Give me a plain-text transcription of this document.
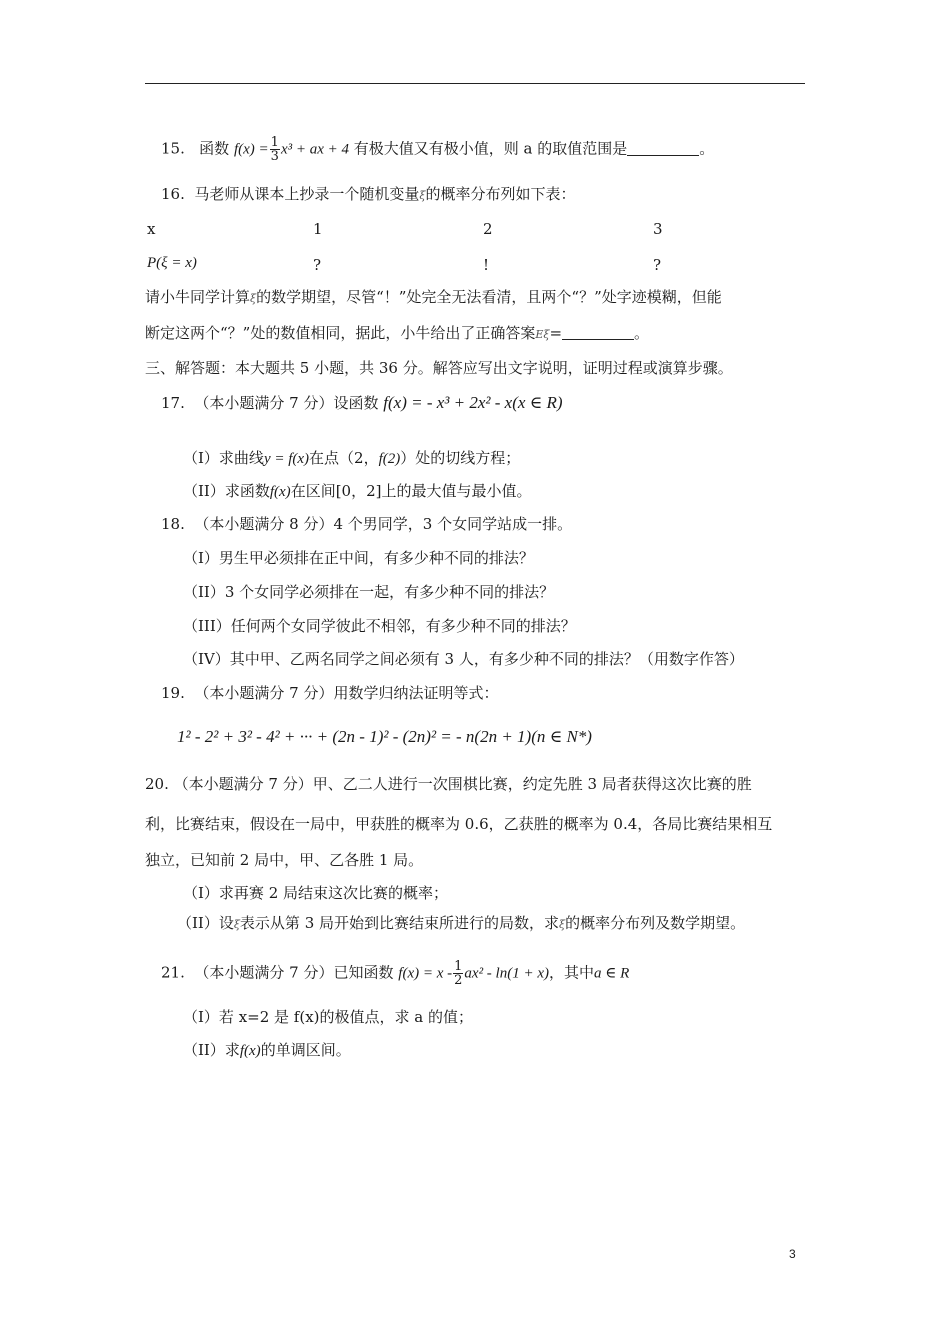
15. 函数 $f(x) = \frac{1}{3} x^3$ + ax + 4 有极大值又有极小值，则 a 的取值范围是	。
16. 马老师从课本上抄录一个随机变量ξ的概率分布列如下表：
x	1	2	3
P(ξ = x)	?	!	?
请小牛同学计算ξ的数学期望，尽管“！”处完全无法看清，且两个“？”处字迹模糊，但能
断定这两个“？”处的数值相同，据此，小牛给出了正确答案Eξ=	。
三、解答题：本大题共 5 小题，共 36 分。解答应写出文字说明，证明过程或演算步骤。
17. （本小题满分 7 分）设函数 f(x) = - x³ + 2x² - x(x ∈ R)
（I）求曲线y = f(x)在点（2，f(2)）处的切线方程；
（II）求函数f(x)在区间[0，2]上的最大值与最小值。
18. （本小题满分 8 分）4 个男同学，3 个女同学站成一排。
（I）男生甲必须排在正中间，有多少种不同的排法？
（II）3 个女同学必须排在一起，有多少种不同的排法？
（III）任何两个女同学彼此不相邻，有多少种不同的排法？
（IV）其中甲、乙两名同学之间必须有 3 人，有多少种不同的排法？（用数字作答）
19. （本小题满分 7 分）用数学归纳法证明等式：
1² - 2² + 3² - 4² + ··· + (2n - 1)² - (2n)² = - n(2n + 1)(n ∈ N*)
20. （本小题满分 7 分）甲、乙二人进行一次围棋比赛，约定先胜 3 局者获得这次比赛的胜
利，比赛结束，假设在一局中，甲获胜的概率为 0.6，乙获胜的概率为 0.4，各局比赛结果相互
独立，已知前 2 局中，甲、乙各胜 1 局。
（I）求再赛 2 局结束这次比赛的概率；
（II）设ξ表示从第 3 局开始到比赛结束所进行的局数，求ξ的概率分布列及数学期望。
21. （本小题满分 7 分）已知函数 $f(x) = x - \frac{1}{2} ax^2 - \ln(1 + x)$，其中a ∈ R
（I）若 x=2 是 f(x)的极值点，求 a 的值；
（II）求f(x)的单调区间。
3
